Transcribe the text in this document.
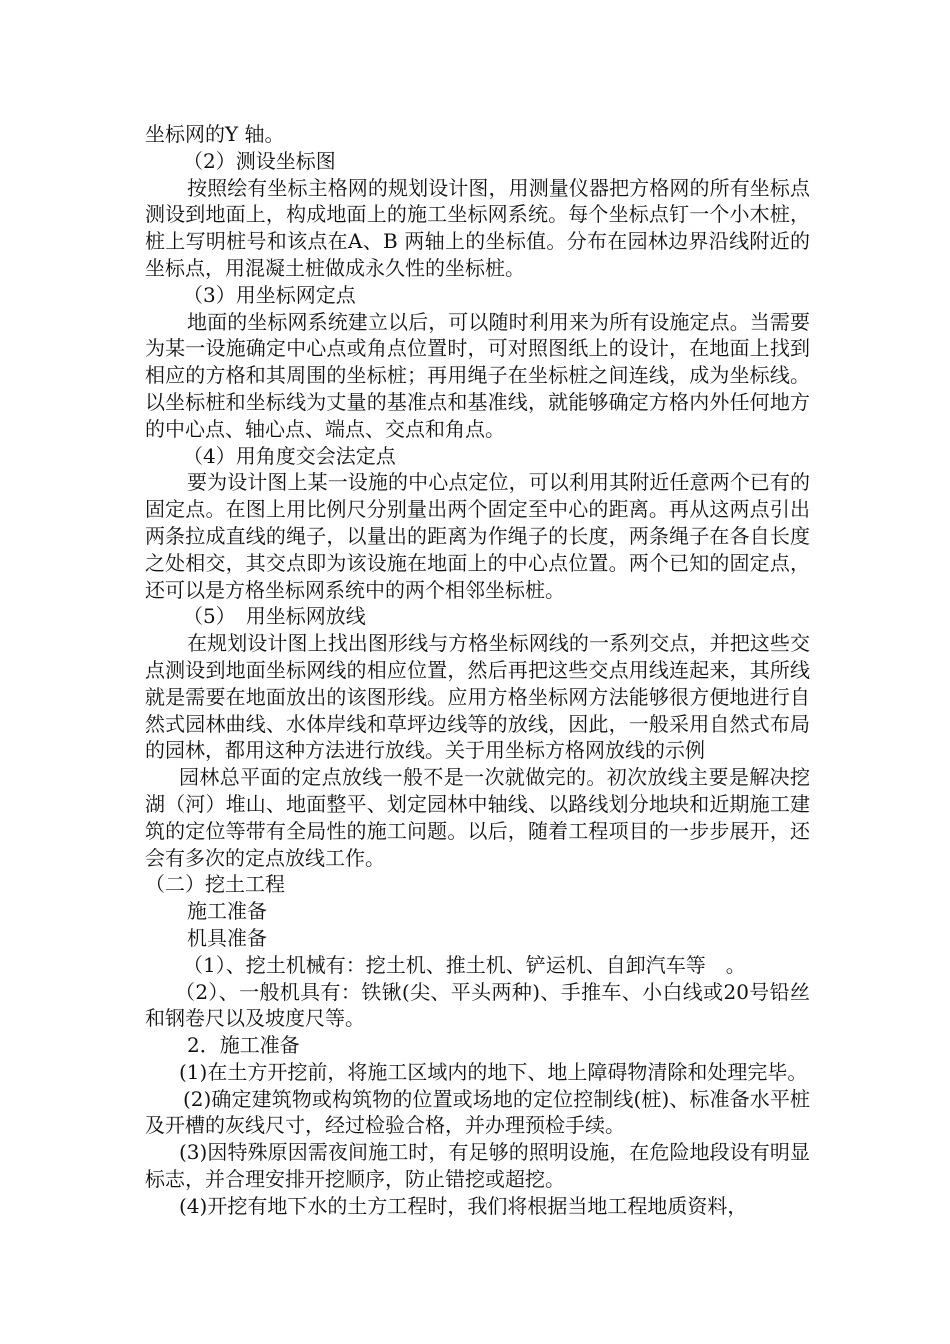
坐标网的Y 轴。

（2）测设坐标图

按照绘有坐标主格网的规划设计图，用测量仪器把方格网的所有坐标点测设到地面上，构成地面上的施工坐标网系统。每个坐标点钉一个小木桩，桩上写明桩号和该点在A、B 两轴上的坐标值。分布在园林边界沿线附近的坐标点，用混凝土桩做成永久性的坐标桩。

（3）用坐标网定点

地面的坐标网系统建立以后，可以随时利用来为所有设施定点。当需要为某一设施确定中心点或角点位置时，可对照图纸上的设计，在地面上找到相应的方格和其周围的坐标桩；再用绳子在坐标桩之间连线，成为坐标线。以坐标桩和坐标线为丈量的基准点和基准线，就能够确定方格内外任何地方的中心点、轴心点、端点、交点和角点。

（4）用角度交会法定点

要为设计图上某一设施的中心点定位，可以利用其附近任意两个已有的固定点。在图上用比例尺分别量出两个固定至中心的距离。再从这两点引出两条拉成直线的绳子，以量出的距离为作绳子的长度，两条绳子在各自长度之处相交，其交点即为该设施在地面上的中心点位置。两个已知的固定点，还可以是方格坐标网系统中的两个相邻坐标桩。

（5）　用坐标网放线

在规划设计图上找出图形线与方格坐标网线的一系列交点，并把这些交点测设到地面坐标网线的相应位置，然后再把这些交点用线连起来，其所线就是需要在地面放出的该图形线。应用方格坐标网方法能够很方便地进行自然式园林曲线、水体岸线和草坪边线等的放线，因此，一般采用自然式布局的园林，都用这种方法进行放线。关于用坐标方格网放线的示例

园林总平面的定点放线一般不是一次就做完的。初次放线主要是解决挖湖（河）堆山、地面整平、划定园林中轴线、以路线划分地块和近期施工建筑的定位等带有全局性的施工问题。以后，随着工程项目的一步步展开，还会有多次的定点放线工作。

（二）挖土工程

施工准备

机具准备

（1）、挖土机械有：挖土机、推土机、铲运机、自卸汽车等　。

（2）、一般机具有：铁锹(尖、平头两种)、手推车、小白线或20号铅丝和钢卷尺以及坡度尺等。

2．施工准备

(1)在土方开挖前，将施工区域内的地下、地上障碍物清除和处理完毕。

(2)确定建筑物或构筑物的位置或场地的定位控制线(桩)、标准备水平桩及开槽的灰线尺寸，经过检验合格，并办理预检手续。

(3)因特殊原因需夜间施工时，有足够的照明设施，在危险地段设有明显标志，并合理安排开挖顺序，防止错挖或超挖。

(4)开挖有地下水的土方工程时，我们将根据当地工程地质资料，
